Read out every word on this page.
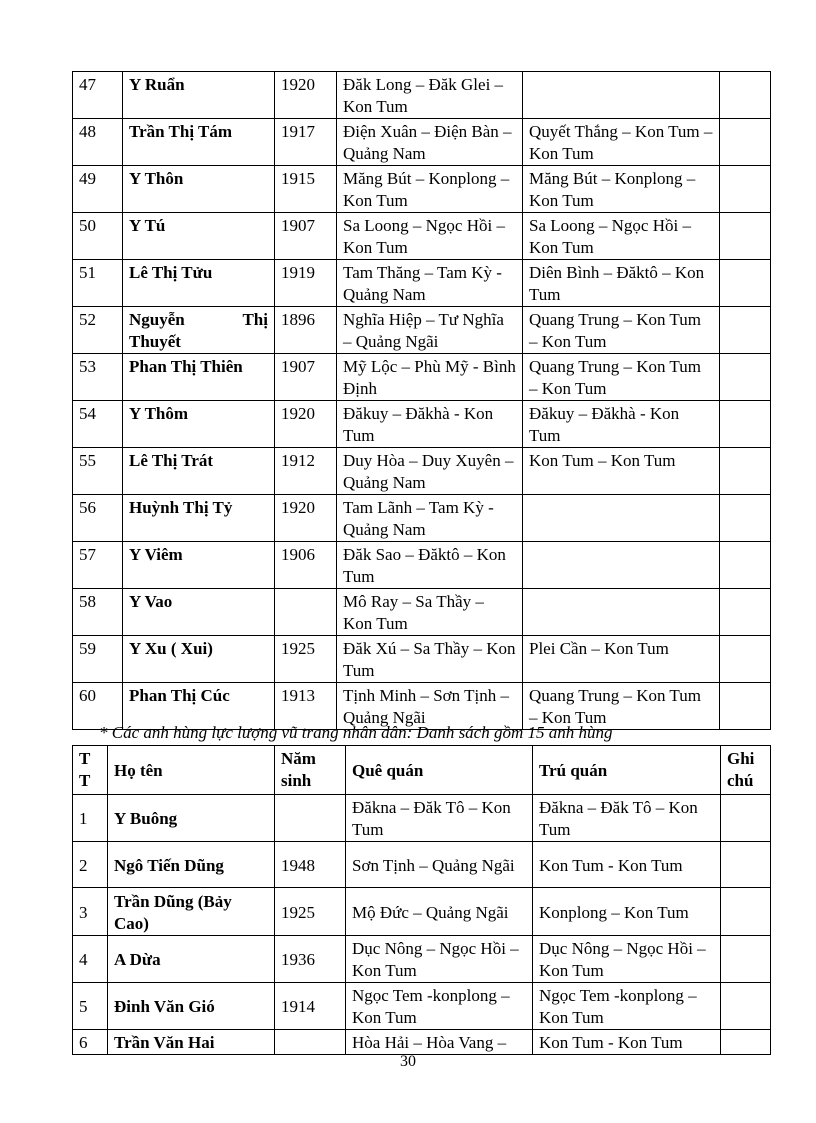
47	Y Ruẩn	1920	Đăk Long – Đăk Glei – Kon Tum		
48	Trần Thị Tám	1917	Điện Xuân – Điện Bàn – Quảng Nam	Quyết Thắng – Kon Tum – Kon Tum	
49	Y Thôn	1915	Măng Bút – Konplong – Kon Tum	Măng Bút – Konplong – Kon Tum	
50	Y Tú	1907	Sa Loong – Ngọc Hồi – Kon Tum	Sa Loong – Ngọc Hồi – Kon Tum	
51	Lê Thị Tửu	1919	Tam Thăng – Tam Kỳ - Quảng Nam	Diên Bình – Đăktô – Kon Tum	
52	Nguyễn Thị Thuyết	1896	Nghĩa Hiệp – Tư Nghĩa – Quảng Ngãi	Quang Trung – Kon Tum – Kon Tum	
53	Phan Thị Thiên	1907	Mỹ Lộc – Phù Mỹ - Bình Định	Quang Trung – Kon Tum – Kon Tum	
54	Y Thôm	1920	Đăkuy – Đăkhà - Kon Tum	Đăkuy – Đăkhà - Kon Tum	
55	Lê Thị Trát	1912	Duy Hòa – Duy Xuyên – Quảng Nam	Kon Tum – Kon Tum	
56	Huỳnh Thị Tỷ	1920	Tam Lãnh – Tam Kỳ - Quảng Nam		
57	Y Viêm	1906	Đăk Sao – Đăktô – Kon Tum		
58	Y Vao		Mô Ray – Sa Thầy – Kon Tum		
59	Y Xu ( Xui)	1925	Đăk Xú – Sa Thầy – Kon Tum	Plei Cần – Kon Tum	
60	Phan Thị Cúc	1913	Tịnh Minh – Sơn Tịnh – Quảng Ngãi	Quang Trung – Kon Tum – Kon Tum	
* Các anh hùng lực lượng vũ trang nhân dân: Danh sách gồm 15 anh hùng
T T	Họ tên	Năm sinh	Quê quán	Trú quán	Ghi chú
1	Y Buông		Đăkna – Đăk Tô – Kon Tum	Đăkna – Đăk Tô – Kon Tum	
2	Ngô Tiến Dũng	1948	Sơn Tịnh – Quảng Ngãi	Kon Tum - Kon Tum	
3	Trần Dũng (Bảy Cao)	1925	Mộ Đức – Quảng Ngãi	Konplong – Kon Tum	
4	A Dừa	1936	Dục Nông – Ngọc Hồi – Kon Tum	Dục Nông – Ngọc Hồi – Kon Tum	
5	Đinh Văn Gió	1914	Ngọc Tem -konplong – Kon Tum	Ngọc Tem -konplong – Kon Tum	
6	Trần Văn Hai		Hòa Hải – Hòa Vang –	Kon Tum - Kon Tum	
30
